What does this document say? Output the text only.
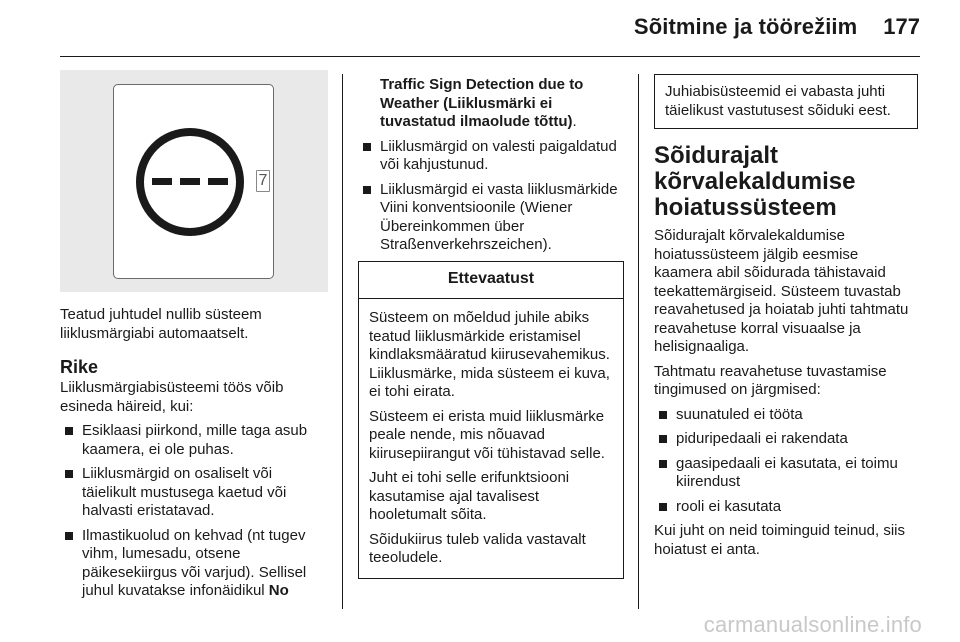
Sõitmine ja töörežiim 177
7

Teatud juhtudel nullib süsteem liiklusmärgiabi automaatselt.

Rike

Liiklusmärgiabisüsteemi töös võib esineda häireid, kui:

Esiklaasi piirkond, mille taga asub kaamera, ei ole puhas.
Liiklusmärgid on osaliselt või täielikult mustusega kaetud või halvasti eristatavad.
Ilmastikuolud on kehvad (nt tugev vihm, lumesadu, otsene päikesekiirgus või varjud). Sellisel juhul kuvatakse infonäidikul No

Traffic Sign Detection due to Weather (Liiklusmärki ei tuvastatud ilmaolude tõttu).

Liiklusmärgid on valesti paigaldatud või kahjustunud.
Liiklusmärgid ei vasta liiklusmärkide Viini konventsioonile (Wiener Übereinkommen über Straßenverkehrszeichen).
Ettevaatust

Süsteem on mõeldud juhile abiks teatud liiklusmärkide eristamisel kindlaksmääratud kiirusevahemikus. Liiklusmärke, mida süsteem ei kuva, ei tohi eirata.

Süsteem ei erista muid liiklusmärke peale nende, mis nõuavad kiirusepiirangut või tühistavad selle.

Juht ei tohi selle erifunktsiooni kasutamise ajal tavalisest hooletumalt sõita.

Sõidukiirus tuleb valida vastavalt teeoludele.

Juhiabisüsteemid ei vabasta juhti täielikust vastutusest sõiduki eest.
Sõidurajalt kõrvalekaldumise hoiatussüsteem

Sõidurajalt kõrvalekaldumise hoiatussüsteem jälgib eesmise kaamera abil sõidurada tähistavaid teekattemärgiseid. Süsteem tuvastab reavahetused ja hoiatab juhti tahtmatu reavahetuse korral visuaalse ja helisignaaliga.

Tahtmatu reavahetuse tuvastamise tingimused on järgmised:

suunatuled ei tööta
piduripedaali ei rakendata
gaasipedaali ei kasutata, ei toimu kiirendust
rooli ei kasutata

Kui juht on neid toiminguid teinud, siis hoiatust ei anta.

carmanualsonline.info
